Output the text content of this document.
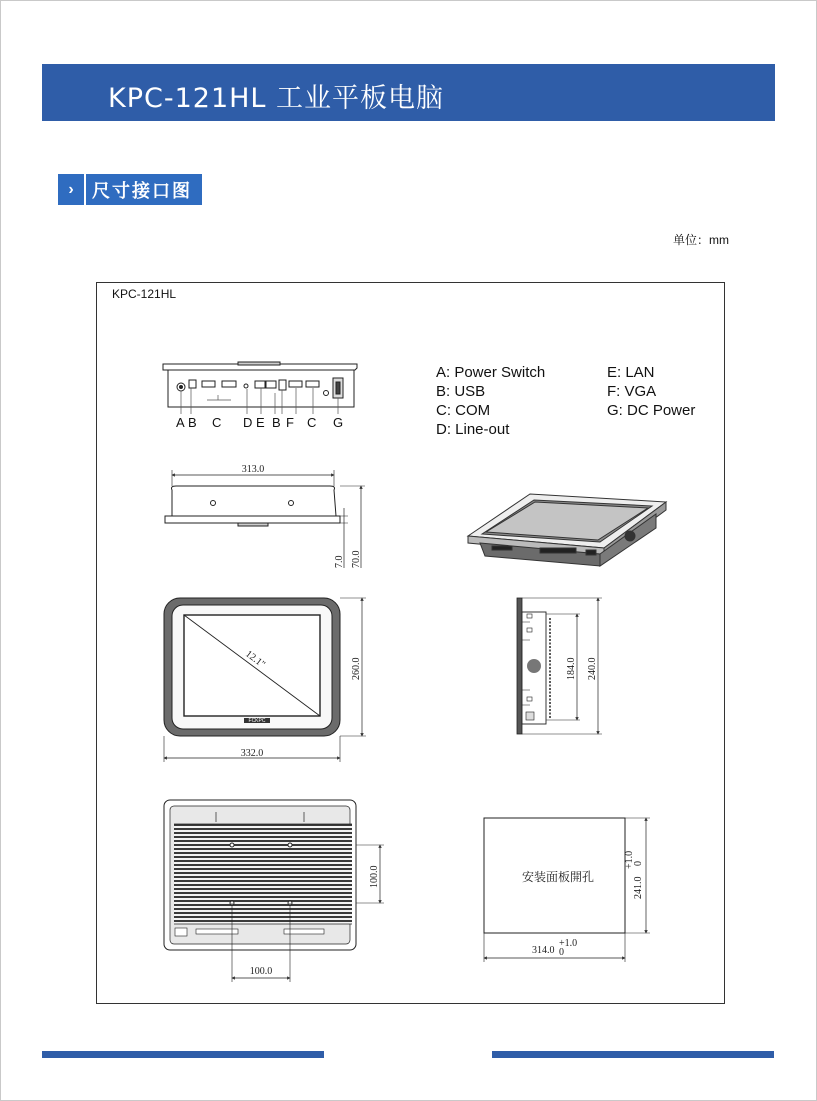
KPC-121HL 工业平板电脑
›	尺寸接口图
单位：mm
KPC-121HL
A: Power Switch
B: USB
C: COM
D: Line-out
E: LAN
F: VGA
G: DC Power
A B C D E B F C G
313.0
7.0 70.0
12.1"
FCKPC
260.0
332.0
184.0 240.0
100.0
100.0
安装面板開孔	241.0
+1.0
0
314.0
+1.0
0
